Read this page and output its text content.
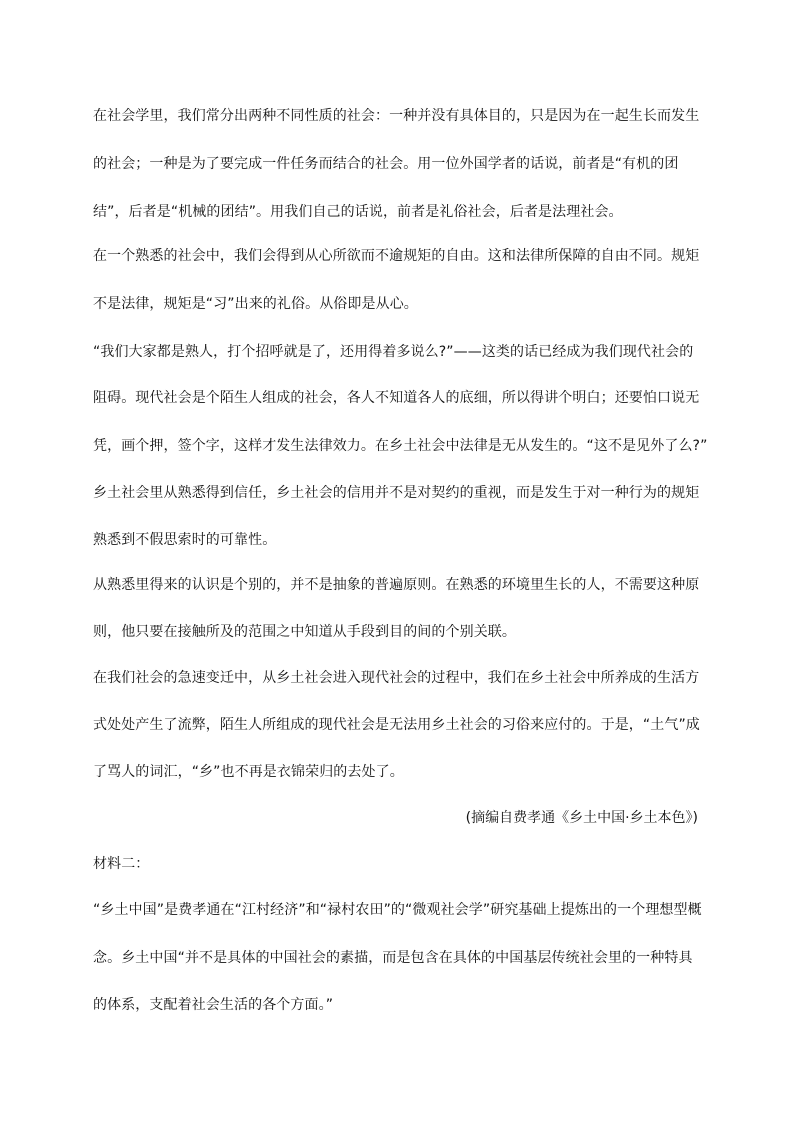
在社会学里，我们常分出两种不同性质的社会：一种并没有具体目的，只是因为在一起生长而发生
的社会；一种是为了要完成一件任务而结合的社会。用一位外国学者的话说，前者是“有机的团
结”，后者是“机械的团结”。用我们自己的话说，前者是礼俗社会，后者是法理社会。
在一个熟悉的社会中，我们会得到从心所欲而不逾规矩的自由。这和法律所保障的自由不同。规矩
不是法律，规矩是“习”出来的礼俗。从俗即是从心。
“我们大家都是熟人，打个招呼就是了，还用得着多说么?”——这类的话已经成为我们现代社会的
阻碍。现代社会是个陌生人组成的社会，各人不知道各人的底细，所以得讲个明白；还要怕口说无
凭，画个押，签个字，这样才发生法律效力。在乡土社会中法律是无从发生的。“这不是见外了么?”
乡土社会里从熟悉得到信任，乡土社会的信用并不是对契约的重视，而是发生于对一种行为的规矩
熟悉到不假思索时的可靠性。
从熟悉里得来的认识是个别的，并不是抽象的普遍原则。在熟悉的环境里生长的人，不需要这种原
则，他只要在接触所及的范围之中知道从手段到目的间的个别关联。
在我们社会的急速变迁中，从乡土社会进入现代社会的过程中，我们在乡土社会中所养成的生活方
式处处产生了流弊，陌生人所组成的现代社会是无法用乡土社会的习俗来应付的。于是，“土气”成
了骂人的词汇，“乡”也不再是衣锦荣归的去处了。
(摘编自费孝通《乡土中国·乡土本色》)
材料二：
“乡土中国”是费孝通在“江村经济”和“禄村农田”的“微观社会学”研究基础上提炼出的一个理想型概
念。乡土中国“并不是具体的中国社会的素描，而是包含在具体的中国基层传统社会里的一种特具
的体系，支配着社会生活的各个方面。”
